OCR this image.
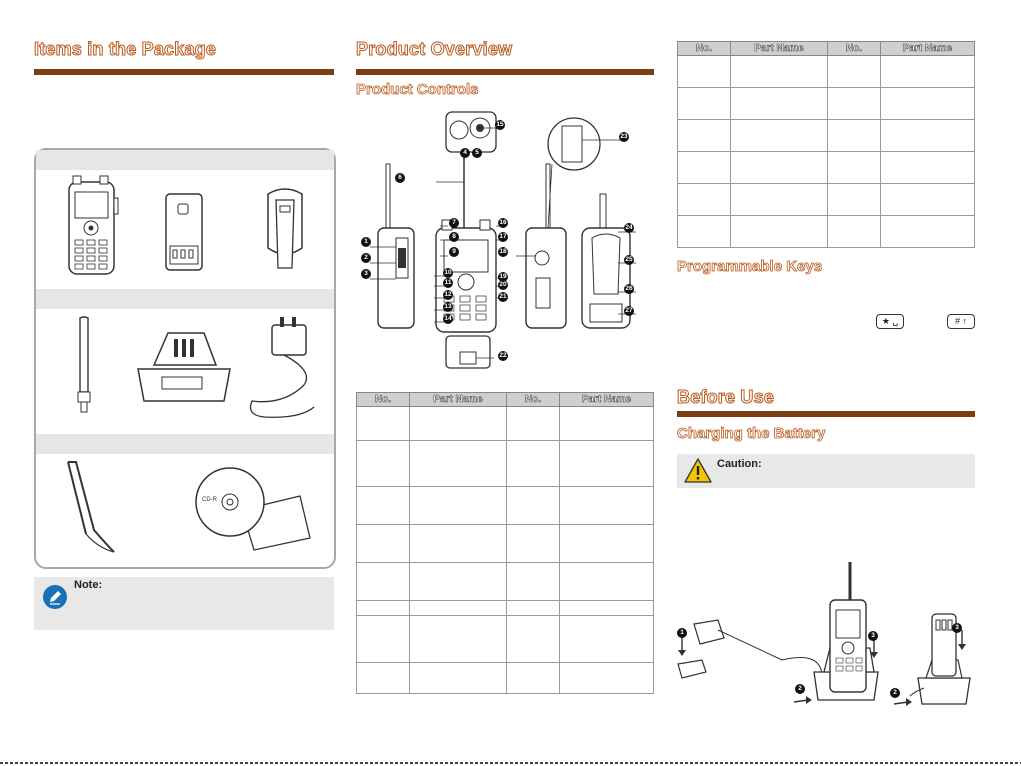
Items in the Package
CD-R
Note:
Product Overview
Product Controls
1
2
3
4	5
6
7
8
9
10
11
12
13
14
15
16
17
18
19
20
21
22
23
24
25
26
27
No.	Part Name	No.	Part Name

No.	Part Name	No.	Part Name

Programmable Keys
★ ␣	# ↑
Before Use
Charging the Battery
Caution:
1
2
3
2
3
